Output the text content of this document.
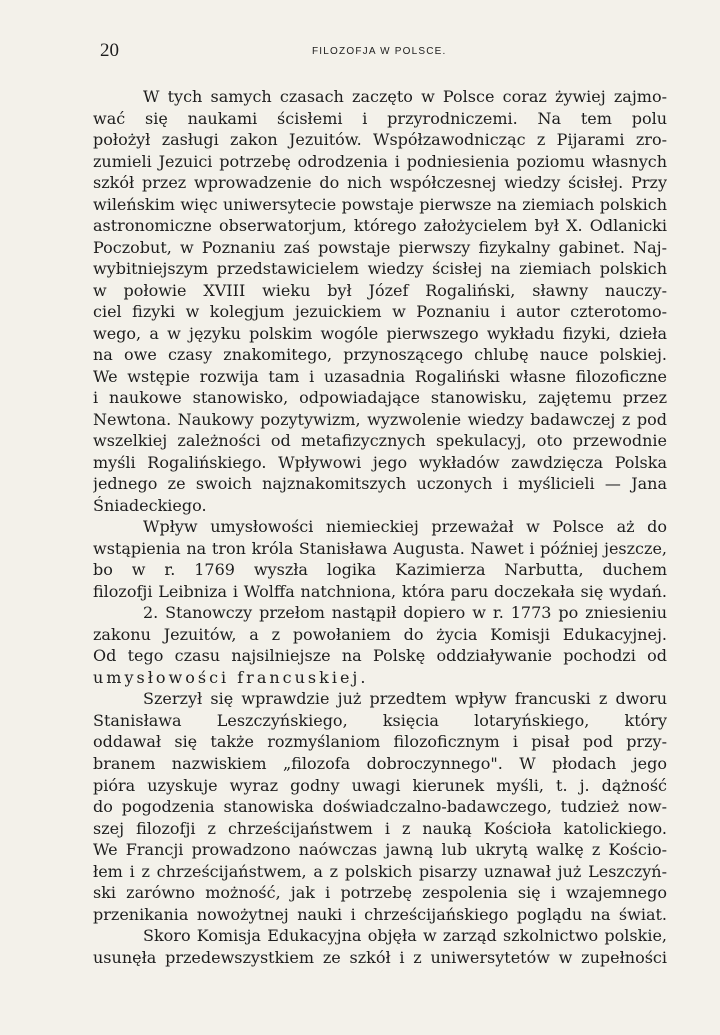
20	FILOZOFJA W POLSCE.
W tych samych czasach zaczęto w Polsce coraz żywiej zajmo-
wać się naukami ścisłemi i przyrodniczemi. Na tem polu
położył zasługi zakon Jezuitów. Współzawodnicząc z Pijarami zro-
zumieli Jezuici potrzebę odrodzenia i podniesienia poziomu własnych
szkół przez wprowadzenie do nich współczesnej wiedzy ścisłej. Przy
wileńskim więc uniwersytecie powstaje pierwsze na ziemiach polskich
astronomiczne obserwatorjum, którego założycielem był X. Odlanicki
Poczobut, w Poznaniu zaś powstaje pierwszy fizykalny gabinet. Naj-
wybitniejszym przedstawicielem wiedzy ścisłej na ziemiach polskich
w połowie XVIII wieku był Józef Rogaliński, sławny nauczy-
ciel fizyki w kolegjum jezuickiem w Poznaniu i autor czterotomo-
wego, a w języku polskim wogóle pierwszego wykładu fizyki, dzieła
na owe czasy znakomitego, przynoszącego chlubę nauce polskiej.
We wstępie rozwija tam i uzasadnia Rogaliński własne filozoficzne
i naukowe stanowisko, odpowiadające stanowisku, zajętemu przez
Newtona. Naukowy pozytywizm, wyzwolenie wiedzy badawczej z pod
wszelkiej zależności od metafizycznych spekulacyj, oto przewodnie
myśli Rogalińskiego. Wpływowi jego wykładów zawdzięcza Polska
jednego ze swoich najznakomitszych uczonych i myślicieli — Jana
Śniadeckiego.
Wpływ umysłowości niemieckiej przeważał w Polsce aż do
wstąpienia na tron króla Stanisława Augusta. Nawet i później jeszcze,
bo w r. 1769 wyszła logika Kazimierza Narbutta, duchem
filozofji Leibniza i Wolffa natchniona, która paru doczekała się wydań.
2. Stanowczy przełom nastąpił dopiero w r. 1773 po zniesieniu
zakonu Jezuitów, a z powołaniem do życia Komisji Edukacyjnej.
Od tego czasu najsilniejsze na Polskę oddziaływanie pochodzi od
umysłowości francuskiej.
Szerzył się wprawdzie już przedtem wpływ francuski z dworu
Stanisława Leszczyńskiego, księcia lotaryńskiego, który
oddawał się także rozmyślaniom filozoficznym i pisał pod przy-
branem nazwiskiem „filozofa dobroczynnego". W płodach jego
pióra uzyskuje wyraz godny uwagi kierunek myśli, t. j. dążność
do pogodzenia stanowiska doświadczalno-badawczego, tudzież now-
szej filozofji z chrześcijaństwem i z nauką Kościoła katolickiego.
We Francji prowadzono naówczas jawną lub ukrytą walkę z Kościo-
łem i z chrześcijaństwem, a z polskich pisarzy uznawał już Leszczyń-
ski zarówno możność, jak i potrzebę zespolenia się i wzajemnego
przenikania nowożytnej nauki i chrześcijańskiego poglądu na świat.
Skoro Komisja Edukacyjna objęła w zarząd szkolnictwo polskie,
usunęła przedewszystkiem ze szkół i z uniwersytetów w zupełności
